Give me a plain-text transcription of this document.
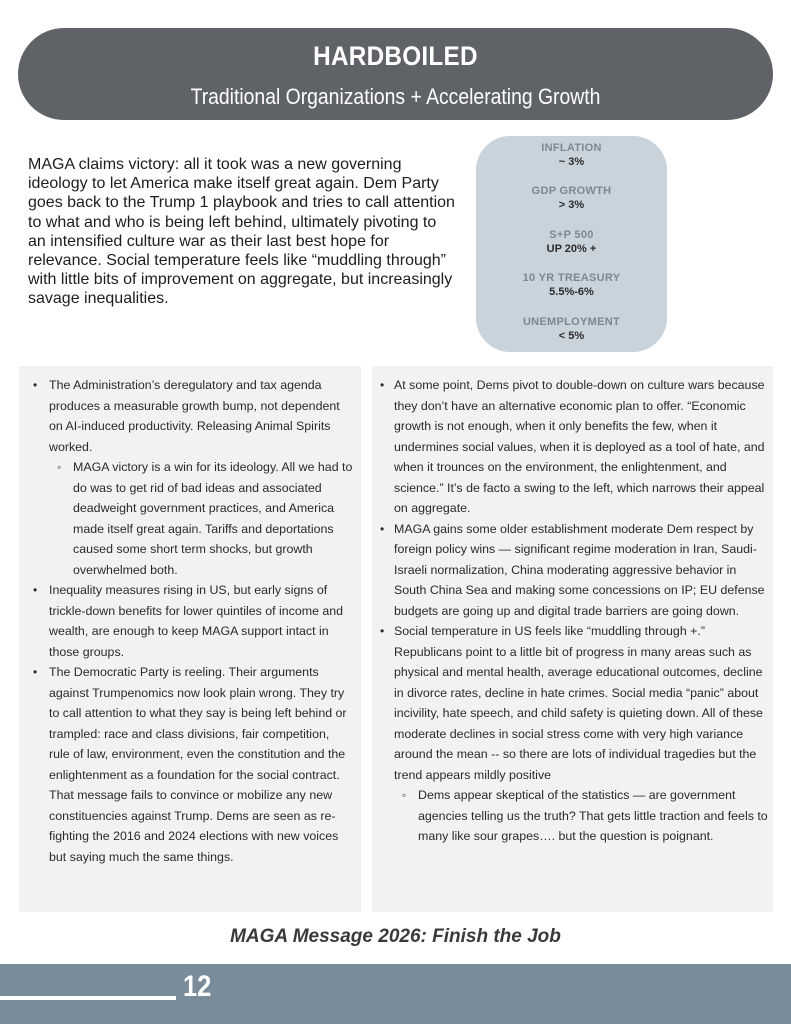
HARDBOILED
Traditional Organizations + Accelerating Growth
MAGA claims victory: all it took was a new governing ideology to let America make itself great again. Dem Party goes back to the Trump 1 playbook and tries to call attention to what and who is being left behind, ultimately pivoting to an intensified culture war as their last best hope for relevance. Social temperature feels like “muddling through” with little bits of improvement on aggregate, but increasingly savage inequalities.
INFLATION
~ 3%
GDP GROWTH
> 3%
S+P 500
UP 20% +
10 YR TREASURY
5.5%-6%
UNEMPLOYMENT
< 5%
• The Administration’s deregulatory and tax agenda produces a measurable growth bump, not dependent on AI-induced productivity. Releasing Animal Spirits worked.
◦ MAGA victory is a win for its ideology. All we had to do was to get rid of bad ideas and associated deadweight government practices, and America made itself great again. Tariffs and deportations caused some short term shocks, but growth overwhelmed both.
• Inequality measures rising in US, but early signs of trickle-down benefits for lower quintiles of income and wealth, are enough to keep MAGA support intact in those groups.
• The Democratic Party is reeling. Their arguments against Trumpenomics now look plain wrong. They try to call attention to what they say is being left behind or trampled: race and class divisions, fair competition, rule of law, environment, even the constitution and the enlightenment as a foundation for the social contract. That message fails to convince or mobilize any new constituencies against Trump. Dems are seen as re-fighting the 2016 and 2024 elections with new voices but saying much the same things.
• At some point, Dems pivot to double-down on culture wars because they don’t have an alternative economic plan to offer. “Economic growth is not enough, when it only benefits the few, when it undermines social values, when it is deployed as a tool of hate, and when it trounces on the environment, the enlightenment, and science.” It’s de facto a swing to the left, which narrows their appeal on aggregate.
• MAGA gains some older establishment moderate Dem respect by foreign policy wins — significant regime moderation in Iran, Saudi-Israeli normalization, China moderating aggressive behavior in South China Sea and making some concessions on IP; EU defense budgets are going up and digital trade barriers are going down.
• Social temperature in US feels like “muddling through +.” Republicans point to a little bit of progress in many areas such as physical and mental health, average educational outcomes, decline in divorce rates, decline in hate crimes. Social media “panic” about incivility, hate speech, and child safety is quieting down. All of these moderate declines in social stress come with very high variance around the mean -- so there are lots of individual tragedies but the trend appears mildly positive
◦ Dems appear skeptical of the statistics — are government agencies telling us the truth? That gets little traction and feels to many like sour grapes…. but the question is poignant.
MAGA Message 2026: Finish the Job
12
